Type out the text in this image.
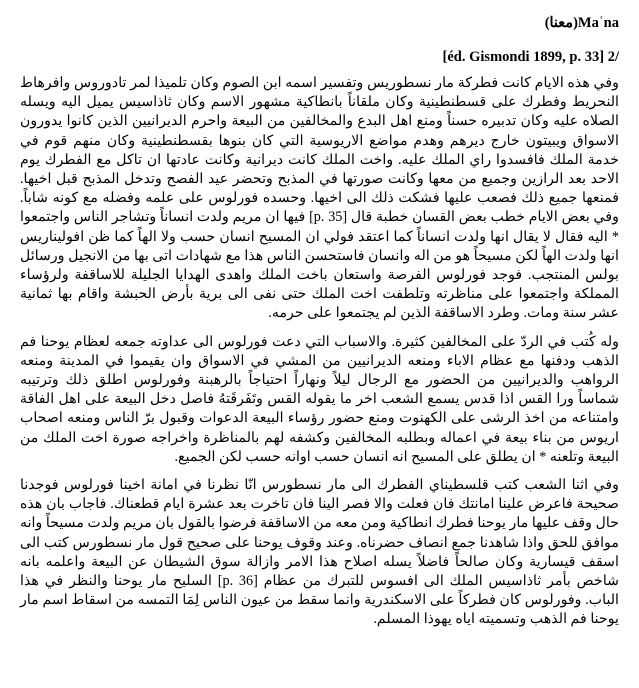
(معنا)Maʿna
[éd. Gismondi 1899, p. 33] /2

وفي هذه الايام كانت فطركة مار نسطوريس وتفسير اسمه ابن الصوم وكان تلميذا لمر تادوروس وافرهاط النحريط وفطرك على قسطنطينية وكان ملقاناً بانطاكية مشهور الاسم وكان ثاذاسيس يميل اليه ويسله الصلاه عليه وكان تدبيره حسناً ومنع اهل البدع والمخالفين من البيعة واحرم الديرانيين الذين كانوا يدورون الاسواق ويبيتون خارج ديرهم وهدم مواضع الاريوسية التي كان بنوها بقسطنطينية وكان منهم قوم في خدمة الملك فافسدوا راي الملك عليه. واخت الملك كانت ديرانية وكانت عادتها ان تاكل مع الفطرك يوم الاحد بعد الرازين وجميع من معها وكانت صورتها في المذبح وتحضر عيد الفصح وتدخل المذبح قبل اخيها. فمنعها جميع ذلك فصعب عليها فشكت ذلك الى اخيها. وحسده فورلوس على علمه وفضله مع كونه شاباً. وفي بعض الايام خطب بعض القسان خطبة قال [p. 35] فيها ان مريم ولدت انساناً وتشاجر الناس واجتمعوا * اليه فقال لا يقال انها ولدت انساناً كما اعتقد فولي ان المسيح انسان حسب ولا الهاً كما ظن افوليناريس انها ولدت الهاً لكن مسيحاً هو من اله وانسان فاستحسن الناس هذا مع شهادات اتى بها من الانجيل ورسائل بولس المنتجب. فوجد فورلوس الفرصة واستعان باخت الملك واهدى الهدايا الجليلة للاساقفة ولرؤساء المملكة واجتمعوا على مناظرته وتلطفت اخت الملك حتى نفى الى برية بأرض الحبشة واقام بها ثمانية عشر سنة ومات. وطرد الاساقفة الذين لم يجتمعوا على حرمه.

وله كُتب في الردّ على المخالفين كثيرة. والاسباب التي دعت فورلوس الى عداوته جمعه لعظام يوحنا فم الذهب ودفنها مع عظام الاباء ومنعه الديرانيين من المشي في الاسواق وان يقيموا في المدينة ومنعه الرواهب والديرانيين من الحضور مع الرجال ليلاً ونهاراً احتياجاً بالرهبنة وفورلوس اطلق ذلك وترتيبه شماساً ورا القس اذا قدس يسمع الشعب اخر ما يقوله القس وتَفَرقَتهُ فاصل دخل البيعة على اهل الفاقة وامتناعه من اخذ الرشى على الكهنوت ومنع حضور رؤساء البيعة الدعوات وقبول برّ الناس ومنعه اصحاب اريوس من بناء بيعة في اعماله وبطلبه المخالفين وكشفه لهم بالمناظرة واخراجه صورة اخت الملك من البيعة وتلعنه * ان يطلق على المسيح انه انسان حسب اوانه حسب لكن الجميع.

وفي اثنا الشعب كتب قلسطيناي الفطرك الى مار نسطورس انّا نظرنا في امانة اخينا فورلوس فوجدنا صحيحة فاعرض علينا امانتك فان فعلت والا فصر الينا فان تاخرت بعد عشرة ايام قطعناك. فاجاب بان هذه حال وقف عليها مار يوحنا فطرك انطاكية ومن معه من الاساقفة فرضوا بالقول بان مريم ولدت مسيحاً وانه موافق للحق واذا شاهدنا جمع انصاف حضرناه. وعند وقوف يوحنا على صحيح قول مار نسطورس كتب الى اسقف قيسارية وكان صالحاً فاضلاً يسله اصلاح هذا الامر وازالة سوق الشيطان عن البيعة واعلمه بانه شاخص بأمر ثاذاسيس الملك الى افسوس للتبرك من عظام [p. 36] السليح مار يوحنا والنظر في هذا الباب. وفورلوس كان فطركاً على الاسكندرية وانما سقط من عيون الناس لِمَا التمسه من اسقاط اسم مار يوحنا فم الذهب وتسميته اياه يهوذا المسلم.
